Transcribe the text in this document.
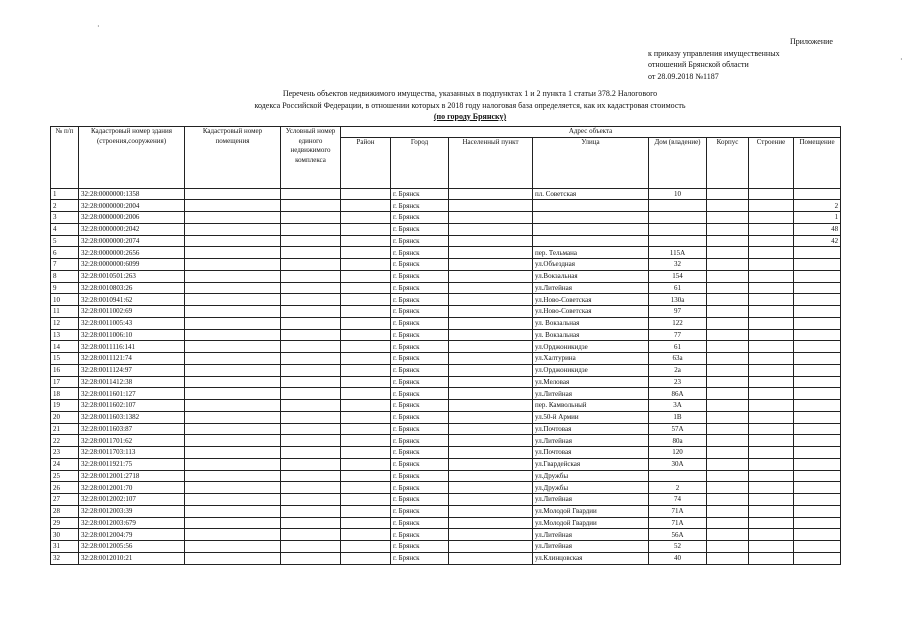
Приложение
к приказу управления имущественных
отношений Брянской области
от 28.09.2018 №1187
Перечень объектов недвижимого имущества, указанных в подпунктах 1 и 2 пункта 1 статьи 378.2 Налогового
кодекса Российской Федерации, в отношении которых в 2018 году налоговая база определяется, как их кадастровая стоимость
(по городу Брянску)
№ п/п	Кадастровый номер здания (строения,сооружения)	Кадастровый номер помещения	Условный номер единого недвижимого комплекса	Адрес объекта							
				Район	Город	Населенный пункт	Улица	Дом (владение)	Корпус	Строение	Помещение
1	32:28:0000000:1358				г. Брянск		пл. Советская	10			
2	32:28:0000000:2004				г. Брянск						2
3	32:28:0000000:2006				г. Брянск						1
4	32:28:0000000:2042				г. Брянск						48
5	32:28:0000000:2074				г. Брянск						42
6	32:28:0000000:2656				г. Брянск		пер. Тельмана	115А			
7	32:28:0000000:6099				г. Брянск		ул.Объездная	32			
8	32:28:0010501:263				г. Брянск		ул.Вокзальная	154			
9	32:28:0010803:26				г. Брянск		ул.Литейная	61			
10	32:28:0010941:62				г. Брянск		ул.Ново-Советская	130а			
11	32:28:0011002:69				г. Брянск		ул.Ново-Советская	97			
12	32:28:0011005:43				г. Брянск		ул. Вокзальная	122			
13	32:28:0011006:10				г. Брянск		ул. Вокзальная	77			
14	32:28:0011116:141				г. Брянск		ул.Орджоникидзе	61			
15	32:28:0011121:74				г. Брянск		ул.Халтурина	63а			
16	32:28:0011124:97				г. Брянск		ул.Орджоникидзе	2а			
17	32:28:0011412:38				г. Брянск		ул.Меловая	23			
18	32:28:0011601:127				г. Брянск		ул.Литейная	86А			
19	32:28:0011602:107				г. Брянск		пер. Камвольный	3А			
20	32:28:0011603:1382				г. Брянск		ул.50-й Армии	1В			
21	32:28:0011603:87				г. Брянск		ул.Почтовая	57А			
22	32:28:0011701:62				г. Брянск		ул.Литейная	80а			
23	32:28:0011703:113				г. Брянск		ул.Почтовая	120			
24	32:28:0011921:75				г. Брянск		ул.Гвардейская	30А			
25	32:28:0012001:2718				г. Брянск		ул.Дружбы				
26	32:28:0012001:70				г. Брянск		ул.Дружбы	2			
27	32:28:0012002:107				г. Брянск		ул.Литейная	74			
28	32:28:0012003:39				г. Брянск		ул.Молодой Гвардии	71А			
29	32:28:0012003:679				г. Брянск		ул.Молодой Гвардии	71А			
30	32:28:0012004:79				г. Брянск		ул.Литейная	56А			
31	32:28:0012005:56				г. Брянск		ул.Литейная	52			
32	32:28:0012010:21				г. Брянск		ул.Клинцовская	40			
·
·
